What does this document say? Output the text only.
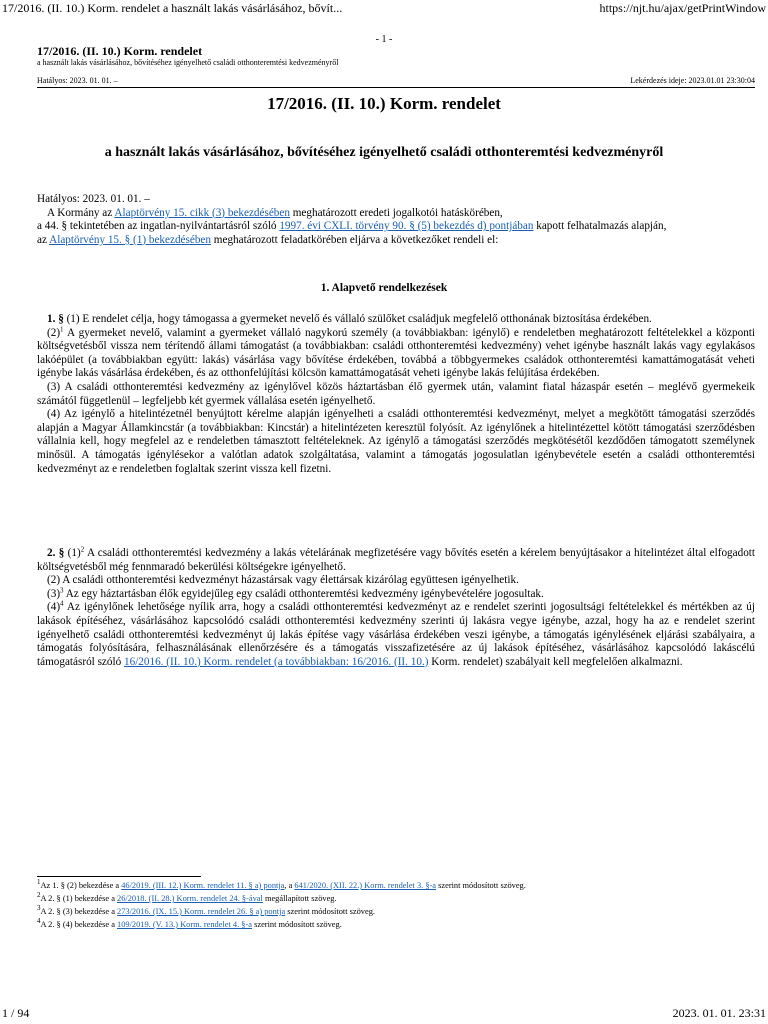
17/2016. (II. 10.) Korm. rendelet a használt lakás vásárlásához, bővít...	https://njt.hu/ajax/getPrintWindow
- 1 -
17/2016. (II. 10.) Korm. rendelet
a használt lakás vásárlásához, bővítéséhez igényelhető családi otthonteremtési kedvezményről
Hatályos: 2023. 01. 01. –	Lekérdezés ideje: 2023.01.01 23:30:04
17/2016. (II. 10.) Korm. rendelet
a használt lakás vásárlásához, bővítéséhez igényelhető családi otthonteremtési kedvezményről

Hatályos: 2023. 01. 01. –

A Kormány az Alaptörvény 15. cikk (3) bekezdésében meghatározott eredeti jogalkotói hatáskörében,

a 44. § tekintetében az ingatlan-nyilvántartásról szóló 1997. évi CXLI. törvény 90. § (5) bekezdés d) pontjában kapott felhatalmazás alapján,

az Alaptörvény 15. § (1) bekezdésében meghatározott feladatkörében eljárva a következőket rendeli el:

1. Alapvető rendelkezések

1. § (1) E rendelet célja, hogy támogassa a gyermeket nevelő és vállaló szülőket családjuk megfelelő otthonának biztosítása érdekében.

$(2)^1$ A gyermeket nevelő, valamint a gyermeket vállaló nagykorú személy (a továbbiakban: igénylő) e rendeletben meghatározott feltételekkel a központi költségvetésből vissza nem térítendő állami támogatást (a továbbiakban: családi otthonteremtési kedvezmény) vehet igénybe használt lakás vagy egylakásos lakóépület (a továbbiakban együtt: lakás) vásárlása vagy bővítése érdekében, továbbá a többgyermekes családok otthonteremtési kamattámogatását veheti igénybe lakás vásárlása érdekében, és az otthonfelújítási kölcsön kamattámogatását veheti igénybe lakás felújítása érdekében.

(3) A családi otthonteremtési kedvezmény az igénylővel közös háztartásban élő gyermek után, valamint fiatal házaspár esetén – meglévő gyermekeik számától függetlenül – legfeljebb két gyermek vállalása esetén igényelhető.

(4) Az igénylő a hitelintézetnél benyújtott kérelme alapján igényelheti a családi otthonteremtési kedvezményt, melyet a megkötött támogatási szerződés alapján a Magyar Államkincstár (a továbbiakban: Kincstár) a hitelintézeten keresztül folyósít. Az igénylőnek a hitelintézettel kötött támogatási szerződésben vállalnia kell, hogy megfelel az e rendeletben támasztott feltételeknek. Az igénylő a támogatási szerződés megkötésétől kezdődően támogatott személynek minősül. A támogatás igénylésekor a valótlan adatok szolgáltatása, valamint a támogatás jogosulatlan igénybevétele esetén a családi otthonteremtési kedvezményt az e rendeletben foglaltak szerint vissza kell fizetni.

2. § $(1)^2$ A családi otthonteremtési kedvezmény a lakás vételárának megfizetésére vagy bővítés esetén a kérelem benyújtásakor a hitelintézet által elfogadott költségvetésből még fennmaradó bekerülési költségekre igényelhető.

(2) A családi otthonteremtési kedvezményt házastársak vagy élettársak kizárólag együttesen igényelhetik.

$(3)^3$ Az egy háztartásban élők egyidejűleg egy családi otthonteremtési kedvezmény igénybevételére jogosultak.

$(4)^4$ Az igénylőnek lehetősége nyílik arra, hogy a családi otthonteremtési kedvezményt az e rendelet szerinti jogosultsági feltételekkel és mértékben az új lakások építéséhez, vásárlásához kapcsolódó családi otthonteremtési kedvezmény szerinti új lakásra vegye igénybe, azzal, hogy ha az e rendelet szerint igényelhető családi otthonteremtési kedvezményt új lakás építése vagy vásárlása érdekében veszi igénybe, a támogatás igénylésének eljárási szabályaira, a támogatás folyósítására, felhasználásának ellenőrzésére és a támogatás visszafizetésére az új lakások építéséhez, vásárlásához kapcsolódó lakáscélú támogatásról szóló 16/2016. (II. 10.) Korm. rendelet (a továbbiakban: 16/2016. (II. 10.) Korm. rendelet) szabályait kell megfelelően alkalmazni.

$^1$Az 1. § (2) bekezdése a 46/2019. (III. 12.) Korm. rendelet 11. § a) pontja, a 641/2020. (XII. 22.) Korm. rendelet 3. §-a szerint módosított szöveg.
$^2$A 2. § (1) bekezdése a 26/2018. (II. 28.) Korm. rendelet 24. §-ával megállapított szöveg.
$^3$A 2. § (3) bekezdése a 273/2016. (IX. 15.) Korm. rendelet 26. § a) pontja szerint módosított szöveg.
$^4$A 2. § (4) bekezdése a 109/2019. (V. 13.) Korm. rendelet 4. §-a szerint módosított szöveg.
1 / 94	2023. 01. 01. 23:31
